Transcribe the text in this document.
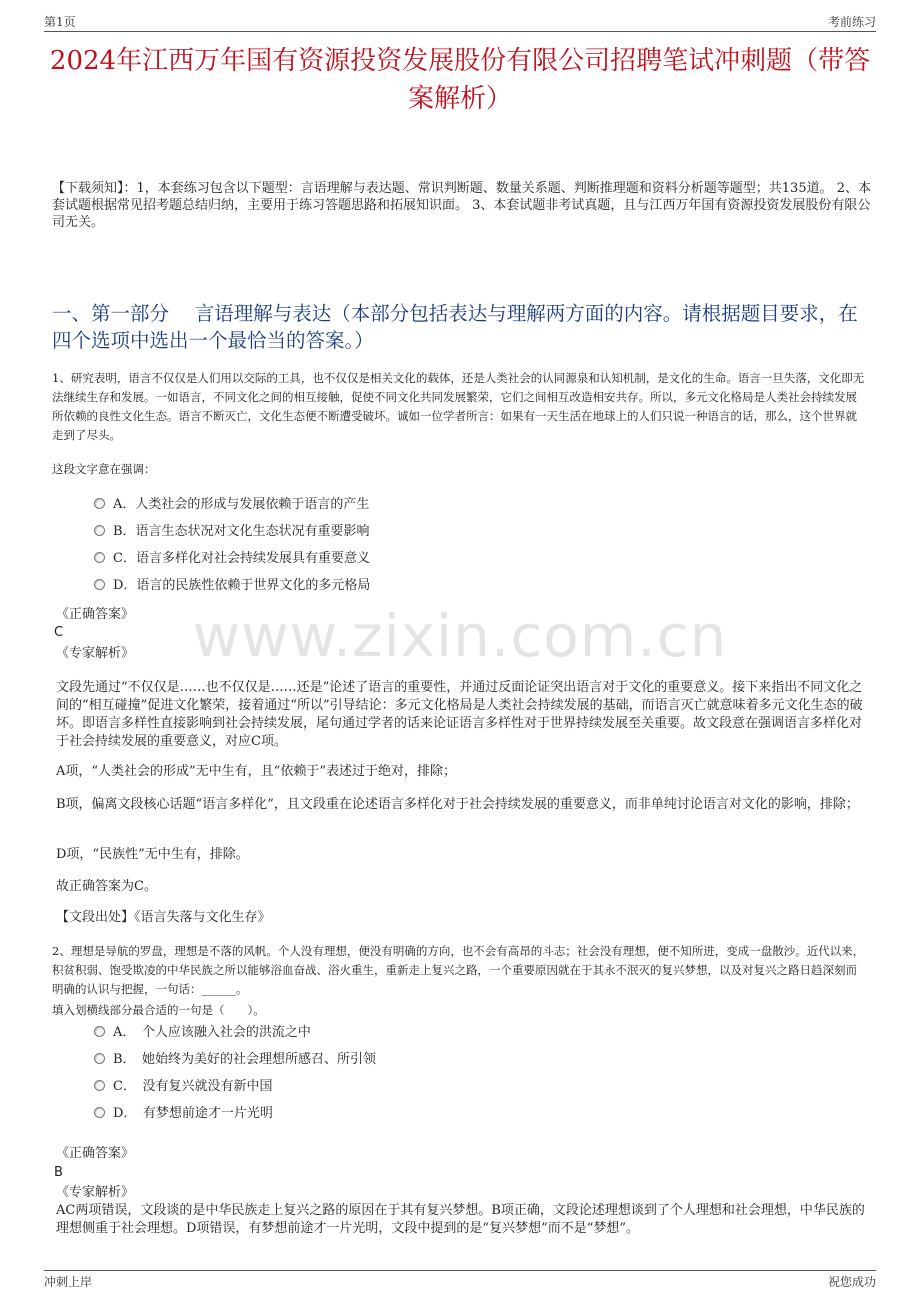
第1页	考前练习
2024年江西万年国有资源投资发展股份有限公司招聘笔试冲刺题（带答案解析）
【下载须知】：1，本套练习包含以下题型：言语理解与表达题、常识判断题、数量关系题、判断推理题和资料分析题等题型；共135道。 2、本套试题根据常见招考题总结归纳，主要用于练习答题思路和拓展知识面。 3、本套试题非考试真题，且与江西万年国有资源投资发展股份有限公司无关。
一、第一部分　 言语理解与表达（本部分包括表达与理解两方面的内容。请根据题目要求，在四个选项中选出一个最恰当的答案。）
1、研究表明，语言不仅仅是人们用以交际的工具，也不仅仅是相关文化的载体，还是人类社会的认同源泉和认知机制，是文化的生命。语言一旦失落，文化即无法继续生存和发展。一如语言，不同文化之间的相互接触，促使不同文化共同发展繁荣，它们之间相互改造相安共存。所以，多元文化格局是人类社会持续发展所依赖的良性文化生态。语言不断灭亡，文化生态便不断遭受破坏。诚如一位学者所言：如果有一天生活在地球上的人们只说一种语言的话，那么，这个世界就走到了尽头。
这段文字意在强调：
A．人类社会的形成与发展依赖于语言的产生
B．语言生态状况对文化生态状况有重要影响
C．语言多样化对社会持续发展具有重要意义
D．语言的民族性依赖于世界文化的多元格局
《正确答案》
C
《专家解析》	www.zixin.com.cn
文段先通过“不仅仅是……也不仅仅是……还是”论述了语言的重要性，并通过反面论证突出语言对于文化的重要意义。接下来指出不同文化之间的“相互碰撞”促进文化繁荣，接着通过“所以”引导结论：多元文化格局是人类社会持续发展的基础，而语言灭亡就意味着多元文化生态的破坏。即语言多样性直接影响到社会持续发展，尾句通过学者的话来论证语言多样性对于世界持续发展至关重要。故文段意在强调语言多样化对于社会持续发展的重要意义，对应C项。
A项，“人类社会的形成”无中生有，且“依赖于”表述过于绝对，排除；
B项，偏离文段核心话题“语言多样化”，且文段重在论述语言多样化对于社会持续发展的重要意义，而非单纯讨论语言对文化的影响，排除；
D项，“民族性”无中生有，排除。
故正确答案为C。
【文段出处】《语言失落与文化生存》
2、理想是导航的罗盘，理想是不落的风帆。个人没有理想，便没有明确的方向，也不会有高昂的斗志；社会没有理想，便不知所进，变成一盘散沙。近代以来，积贫积弱、饱受欺凌的中华民族之所以能够浴血奋战、浴火重生，重新走上复兴之路，一个重要原因就在于其永不泯灭的复兴梦想，以及对复兴之路日趋深刻而明确的认识与把握，一句话：______。
填入划横线部分最合适的一句是（　　）。
A．　个人应该融入社会的洪流之中
B．　她始终为美好的社会理想所感召、所引领
C．　没有复兴就没有新中国
D．　有梦想前途才一片光明
《正确答案》
B
《专家解析》
AC两项错误，文段谈的是中华民族走上复兴之路的原因在于其有复兴梦想。B项正确，文段论述理想谈到了个人理想和社会理想，中华民族的理想侧重于社会理想。D项错误，有梦想前途才一片光明，文段中提到的是“复兴梦想”而不是“梦想”。
冲刺上岸	祝您成功
